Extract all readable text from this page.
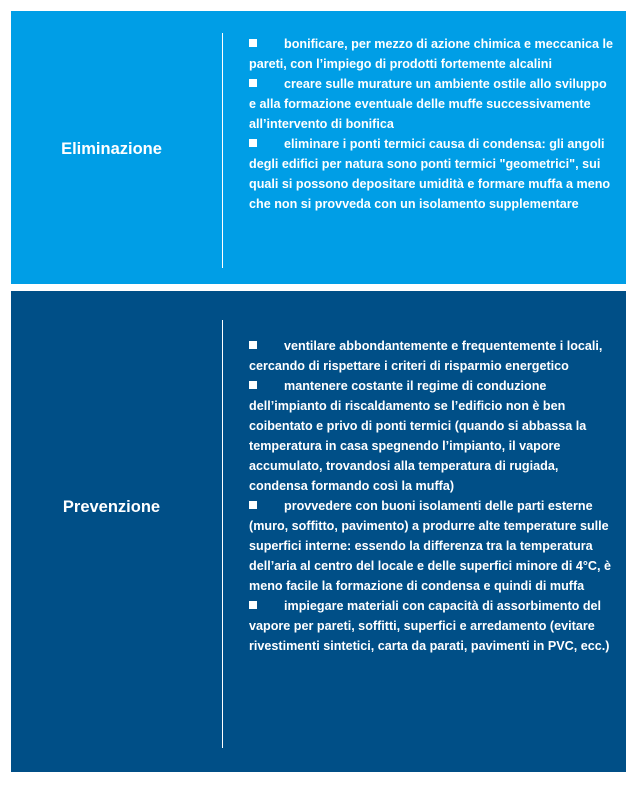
Eliminazione

bonificare, per mezzo di azione chimica e meccanica le pareti, con l’impiego di prodotti fortemente alcalini

creare sulle murature un ambiente ostile allo sviluppo e alla formazione eventuale delle muffe successivamente all’intervento di bonifica

eliminare i ponti termici causa di condensa: gli angoli degli edifici per natura sono ponti termici "geometrici", sui quali si possono depositare umidità e formare muffa a meno che non si provveda con un isolamento supplementare

Prevenzione

ventilare abbondantemente e frequentemente i locali, cercando di rispettare i criteri di risparmio energetico

mantenere costante il regime di conduzione dell’impianto di riscaldamento se l’edificio non è ben coibentato e privo di ponti termici (quando si abbassa la temperatura in casa spegnendo l’impianto, il vapore accumulato, trovandosi alla temperatura di rugiada, condensa formando così la muffa)

provvedere con buoni isolamenti delle parti esterne (muro, soffitto, pavimento) a produrre alte temperature sulle superfici interne: essendo la differenza tra la temperatura dell’aria al centro del locale e delle superfici minore di 4°C, è meno facile la formazione di condensa e quindi di muffa

impiegare materiali con capacità di assorbimento del vapore per pareti, soffitti, superfici e arredamento (evitare rivestimenti sintetici, carta da parati, pavimenti in PVC, ecc.)
